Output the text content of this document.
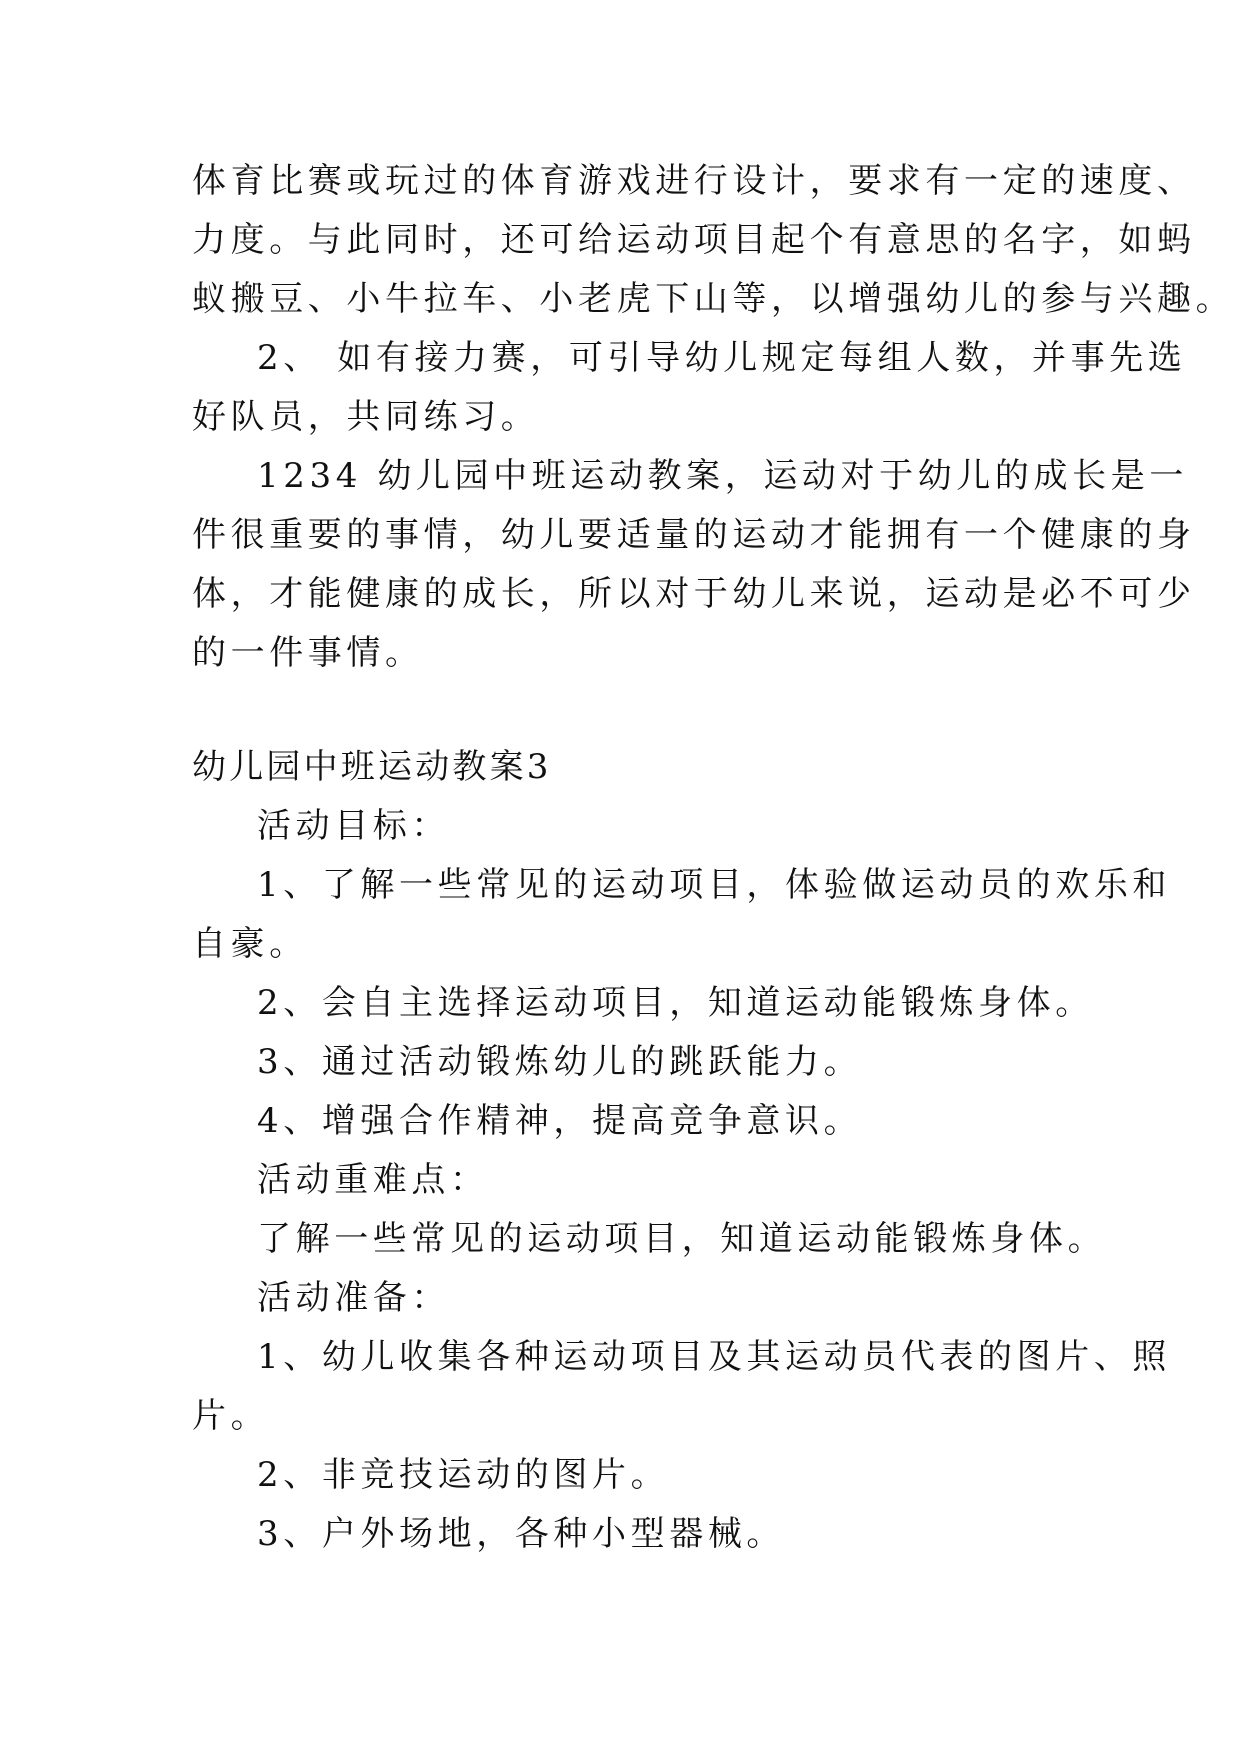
体育比赛或玩过的体育游戏进行设计，要求有一定的速度、
力度。与此同时，还可给运动项目起个有意思的名字，如蚂
蚁搬豆、小牛拉车、小老虎下山等，以增强幼儿的参与兴趣。
2、 如有接力赛，可引导幼儿规定每组人数，并事先选
好队员，共同练习。
1234 幼儿园中班运动教案，运动对于幼儿的成长是一
件很重要的事情，幼儿要适量的运动才能拥有一个健康的身
体，才能健康的成长，所以对于幼儿来说，运动是必不可少
的一件事情。
幼儿园中班运动教案3
活动目标：
1、了解一些常见的运动项目，体验做运动员的欢乐和
自豪。
2、会自主选择运动项目，知道运动能锻炼身体。
3、通过活动锻炼幼儿的跳跃能力。
4、增强合作精神，提高竞争意识。
活动重难点：
了解一些常见的运动项目，知道运动能锻炼身体。
活动准备：
1、幼儿收集各种运动项目及其运动员代表的图片、照
片。
2、非竞技运动的图片。
3、户外场地，各种小型器械。
